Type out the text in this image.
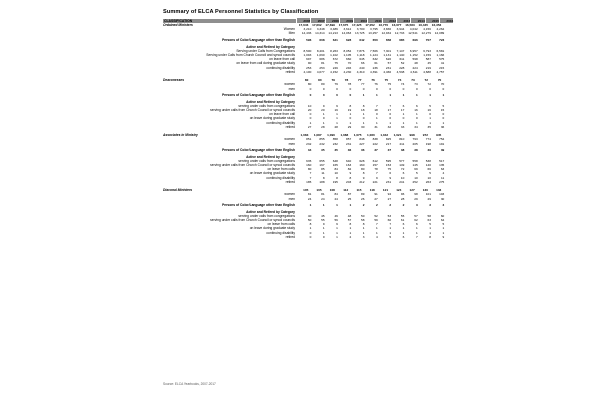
Summary of ELCA Personnel Statistics by Classification
CLASSIFICATION	2006	2007	2008	2009	2010	2011	2012	2013	2014	2015	2016
Ordained Ministers	17,646	17,662	17,699	17,675	17,425	17,052	16,770	16,677	16,583	16,435	16,353
Women	3,210	3,348	3,486	3,612	3,700	3,795	3,836	3,944	4,042	4,156	4,264
Men	14,436	14,314	14,213	14,063	13,725	13,257	12,934	12,733	12,541	12,279	12,089
Persons of Color/Language other than English	596	608	621	628	642	650	658	685	696	707	723
Active and Retired by Category
Serving under Calls from Congregations	8,500	8,401	8,263	8,052	7,876	7,566	7,301	7,147	6,957	6,793	6,581
Serving under Calls from Church Council and synod councils	1,093	1,090	1,102	1,105	1,118	1,124	1,131	1,140	1,152	1,159	1,166
on leave from call	697	686	672	660	645	632	620	611	598	587	575
on leave from call during graduate study	90	81	75	70	66	61	57	52	48	45	41
continuing disability	253	253	249	246	240	236	231	228	224	219	215
retired	4,100	4,077	4,152	4,230	4,310	4,391	4,466	4,538	4,611	4,688	4,757
Deaconesses	80	80	79	78	77	76	75	74	73	72	70
women	80	80	79	78	77	76	75	74	73	72	70
men	0	0	0	0	0	0	0	0	0	0	0
Persons of Color/Language other than English	0	0	0	0	1	1	1	1	1	1	1
Active and Retired by Category
serving under calls from congregations	10	9	9	8	8	7	7	6	6	5	5
serving under calls from Church Council or synod councils	20	20	19	19	18	18	17	17	16	16	15
on leave from call	0	1	1	1	1	0	0	1	1	0	0
on leave during graduate study	0	0	1	0	0	1	0	0	0	1	0
continuing disability	1	1	1	1	1	1	1	1	1	1	1
retired	27	28	28	29	30	31	32	33	34	35	36
Associates in Ministry	1,083	1,087	1,090	1,088	1,075	1,060	1,042	1,021	998	972	945
women	851	855	858	857	848	838	825	810	793	774	754
men	232	232	232	231	227	222	217	211	205	198	191
Persons of Color/Language other than English	34	35	35	36	36	37	37	38	38	39	39
Active and Retired by Category
serving under calls from congregations	635	655	648	640	628	612	595	577	558	538	517
serving under calls from Church Council or synod councils	160	167	165	163	160	157	153	149	145	140	135
on leave from calls	80	85	84	82	80	78	75	72	69	66	63
on leave during graduate study	7	11	10	9	8	7	6	6	5	5	4
continuing disability	7	8	8	8	9	9	9	10	10	10	11
retired	185	188	195	203	212	221	231	241	252	263	275
Diaconal Ministers	105	105	108	112	115	118	121	124	127	130	133
women	81	81	84	87	89	91	94	96	98	101	103
men	24	24	24	25	26	27	27	28	29	29	30
Persons of Color/Language other than English	1	1	1	1	2	2	2	2	3	3	3
Active and Retired by Category
serving under calls from congregations	40	45	46	48	50	52	53	55	57	58	60
serving under calls from Church Council or synod councils	50	55	56	57	58	59	60	61	62	63	64
on leave from calls	8	9	9	8	8	7	7	6	6	5	5
on leave during graduate study	1	1	1	1	1	1	1	1	1	1	1
continuing disability	0	1	1	1	1	1	1	1	1	1	1
retired	0	0	1	2	3	4	5	6	7	8	9
Source: ELCA Yearbooks, 2007-2017
